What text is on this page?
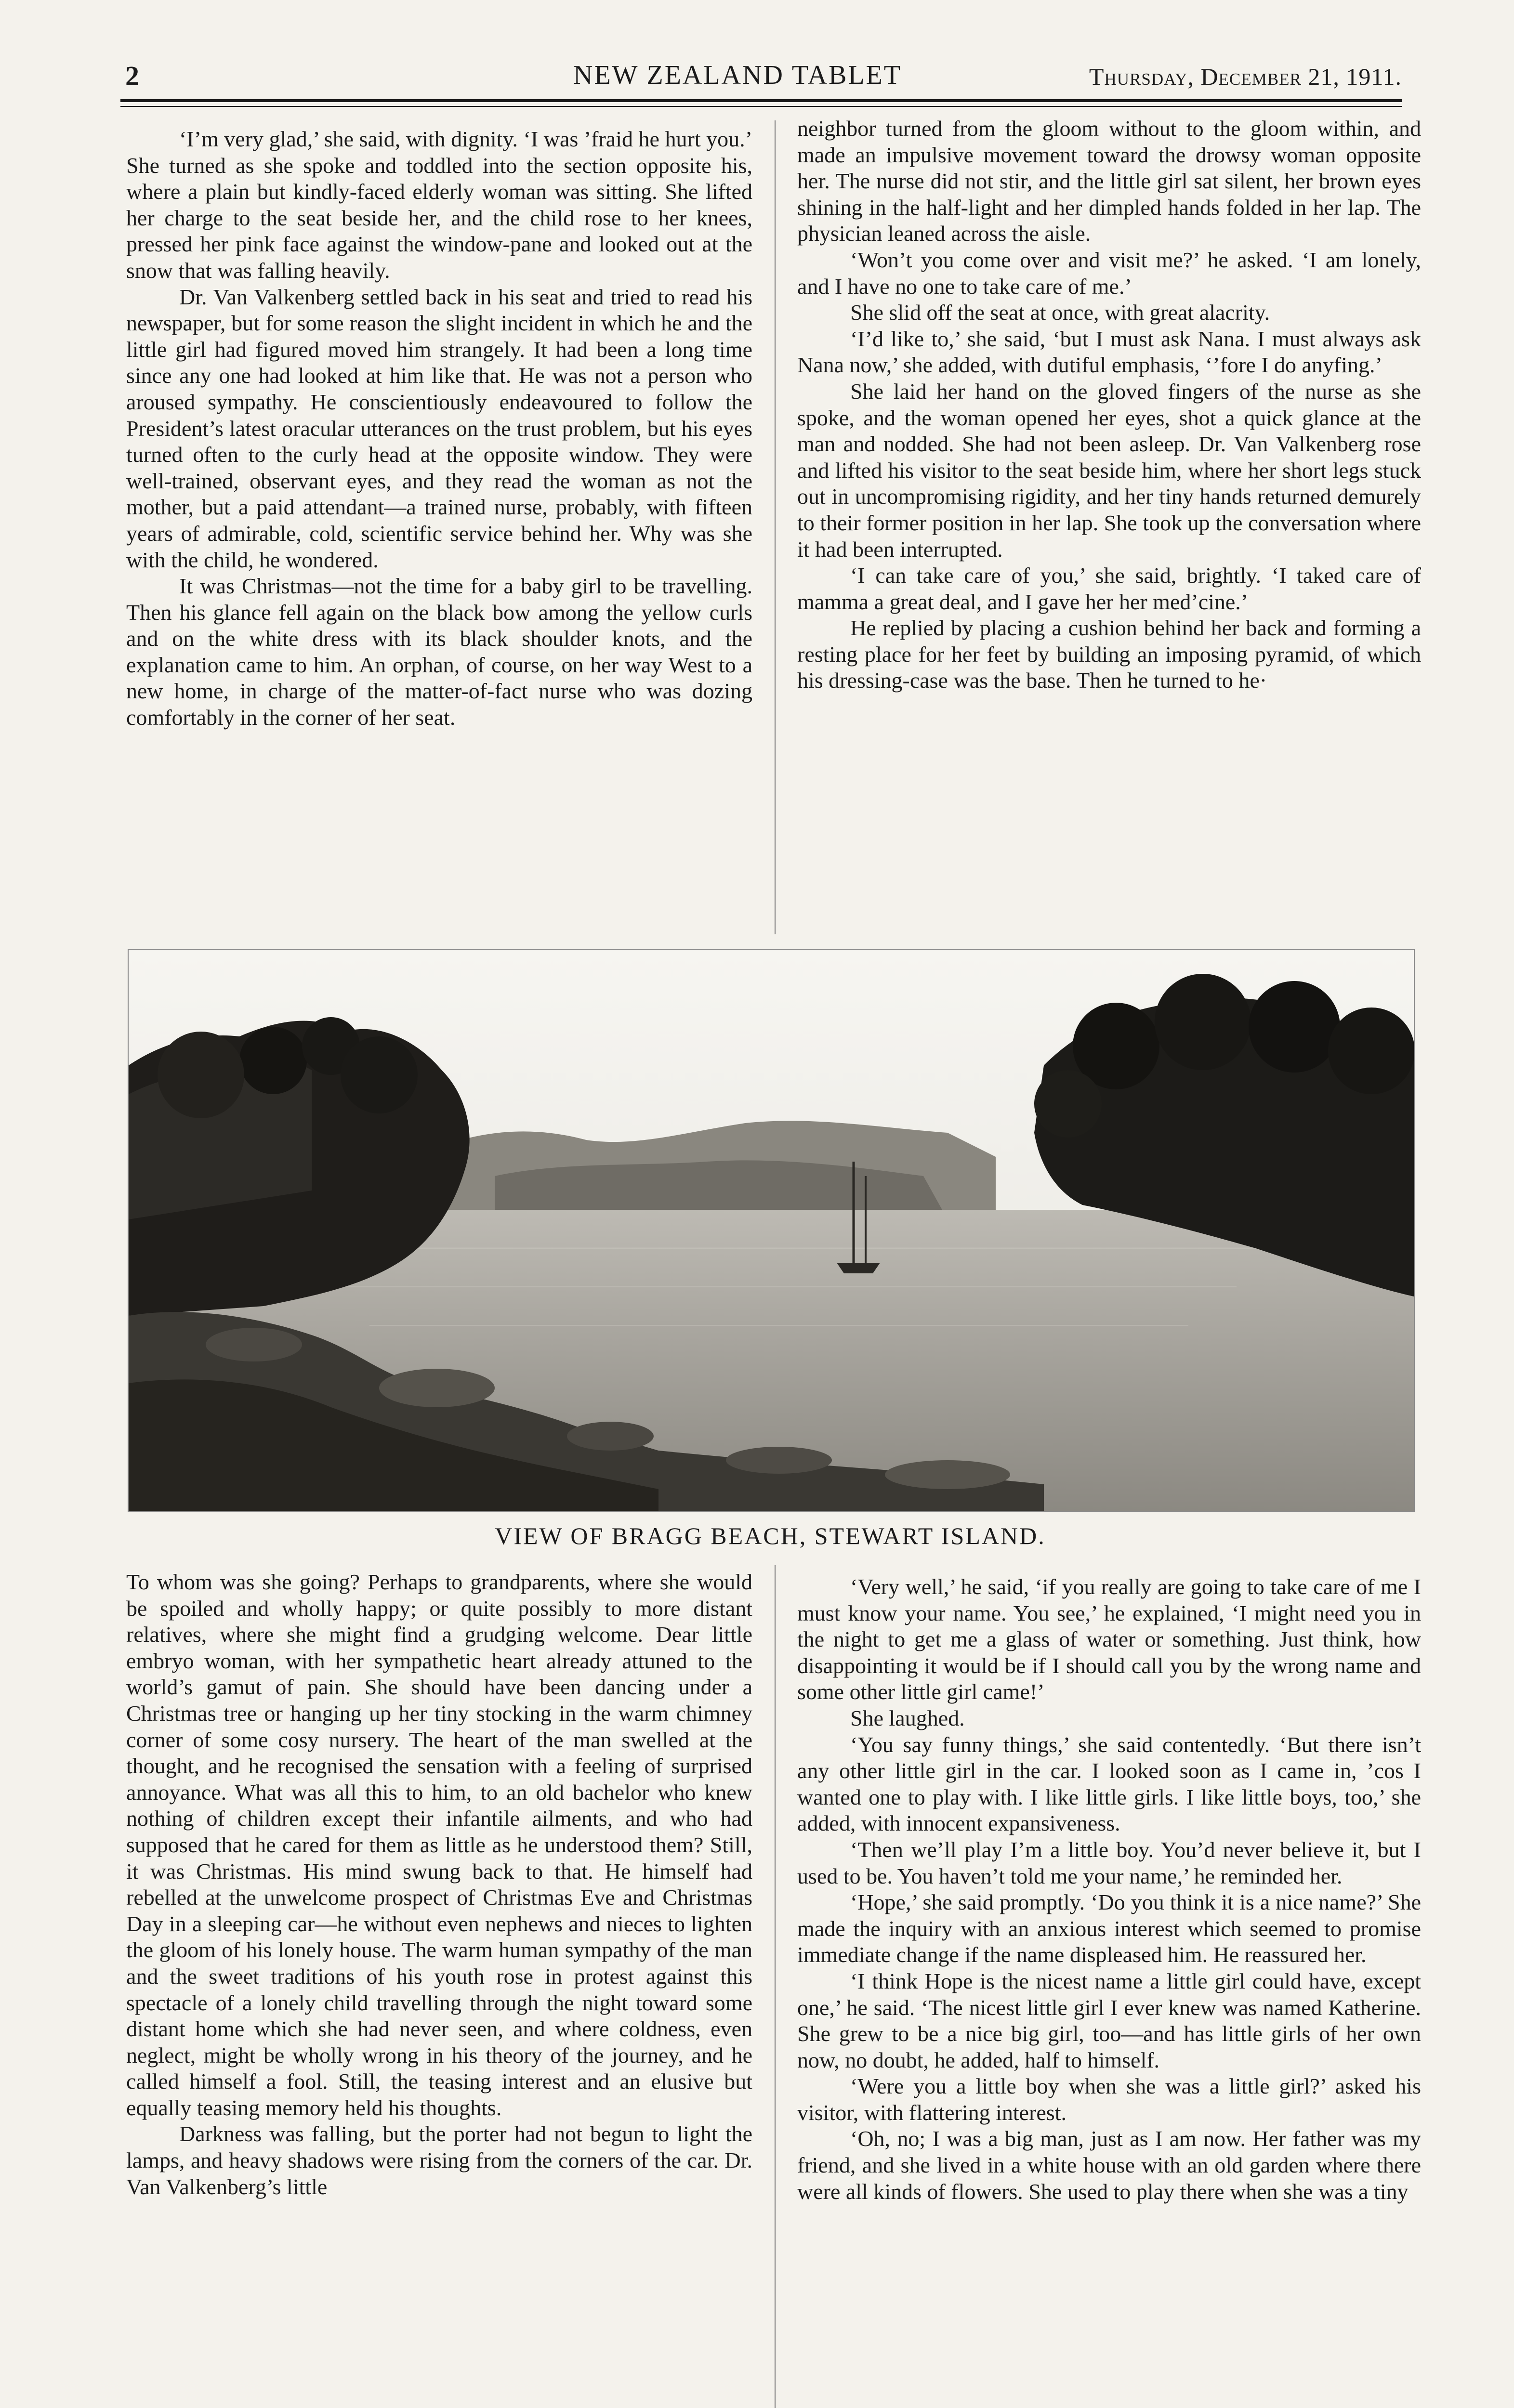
2	NEW ZEALAND TABLET	Thursday, December 21, 1911.

‘I’m very glad,’ she said, with dignity. ‘I was ’fraid he hurt you.’ She turned as she spoke and toddled into the section opposite his, where a plain but kindly-faced elderly woman was sitting. She lifted her charge to the seat beside her, and the child rose to her knees, pressed her pink face against the window-pane and looked out at the snow that was falling heavily.

Dr. Van Valkenberg settled back in his seat and tried to read his newspaper, but for some reason the slight incident in which he and the little girl had figured moved him strangely. It had been a long time since any one had looked at him like that. He was not a person who aroused sympathy. He conscientiously endeavoured to follow the President’s latest oracular utterances on the trust problem, but his eyes turned often to the curly head at the opposite window. They were well-trained, observant eyes, and they read the woman as not the mother, but a paid attendant—a trained nurse, probably, with fifteen years of admirable, cold, scientific service behind her. Why was she with the child, he wondered.

It was Christmas—not the time for a baby girl to be travelling. Then his glance fell again on the black bow among the yellow curls and on the white dress with its black shoulder knots, and the explanation came to him. An orphan, of course, on her way West to a new home, in charge of the matter-of-fact nurse who was dozing comfortably in the corner of her seat.

neighbor turned from the gloom without to the gloom within, and made an impulsive movement toward the drowsy woman opposite her. The nurse did not stir, and the little girl sat silent, her brown eyes shining in the half-light and her dimpled hands folded in her lap. The physician leaned across the aisle.

‘Won’t you come over and visit me?’ he asked. ‘I am lonely, and I have no one to take care of me.’

She slid off the seat at once, with great alacrity.

‘I’d like to,’ she said, ‘but I must ask Nana. I must always ask Nana now,’ she added, with dutiful emphasis, ‘’fore I do anyfing.’

She laid her hand on the gloved fingers of the nurse as she spoke, and the woman opened her eyes, shot a quick glance at the man and nodded. She had not been asleep. Dr. Van Valkenberg rose and lifted his visitor to the seat beside him, where her short legs stuck out in uncompromising rigidity, and her tiny hands returned demurely to their former position in her lap. She took up the conversation where it had been interrupted.

‘I can take care of you,’ she said, brightly. ‘I taked care of mamma a great deal, and I gave her her med’cine.’

He replied by placing a cushion behind her back and forming a resting place for her feet by building an imposing pyramid, of which his dressing-case was the base. Then he turned to he·

VIEW OF BRAGG BEACH, STEWART ISLAND.

To whom was she going? Perhaps to grandparents, where she would be spoiled and wholly happy; or quite possibly to more distant relatives, where she might find a grudging welcome. Dear little embryo woman, with her sympathetic heart already attuned to the world’s gamut of pain. She should have been dancing under a Christmas tree or hanging up her tiny stocking in the warm chimney corner of some cosy nursery. The heart of the man swelled at the thought, and he recognised the sensation with a feeling of surprised annoyance. What was all this to him, to an old bachelor who knew nothing of children except their infantile ailments, and who had supposed that he cared for them as little as he understood them? Still, it was Christmas. His mind swung back to that. He himself had rebelled at the unwelcome prospect of Christmas Eve and Christmas Day in a sleeping car—he without even nephews and nieces to lighten the gloom of his lonely house. The warm human sympathy of the man and the sweet traditions of his youth rose in protest against this spectacle of a lonely child travelling through the night toward some distant home which she had never seen, and where coldness, even neglect, might be wholly wrong in his theory of the journey, and he called himself a fool. Still, the teasing interest and an elusive but equally teasing memory held his thoughts.

Darkness was falling, but the porter had not begun to light the lamps, and heavy shadows were rising from the corners of the car. Dr. Van Valkenberg’s little

‘Very well,’ he said, ‘if you really are going to take care of me I must know your name. You see,’ he explained, ‘I might need you in the night to get me a glass of water or something. Just think, how disappointing it would be if I should call you by the wrong name and some other little girl came!’

She laughed.

‘You say funny things,’ she said contentedly. ‘But there isn’t any other little girl in the car. I looked soon as I came in, ’cos I wanted one to play with. I like little girls. I like little boys, too,’ she added, with innocent expansiveness.

‘Then we’ll play I’m a little boy. You’d never believe it, but I used to be. You haven’t told me your name,’ he reminded her.

‘Hope,’ she said promptly. ‘Do you think it is a nice name?’ She made the inquiry with an anxious interest which seemed to promise immediate change if the name displeased him. He reassured her.

‘I think Hope is the nicest name a little girl could have, except one,’ he said. ‘The nicest little girl I ever knew was named Katherine. She grew to be a nice big girl, too—and has little girls of her own now, no doubt, he added, half to himself.

‘Were you a little boy when she was a little girl?’ asked his visitor, with flattering interest.

‘Oh, no; I was a big man, just as I am now. Her father was my friend, and she lived in a white house with an old garden where there were all kinds of flowers. She used to play there when she was a tiny
